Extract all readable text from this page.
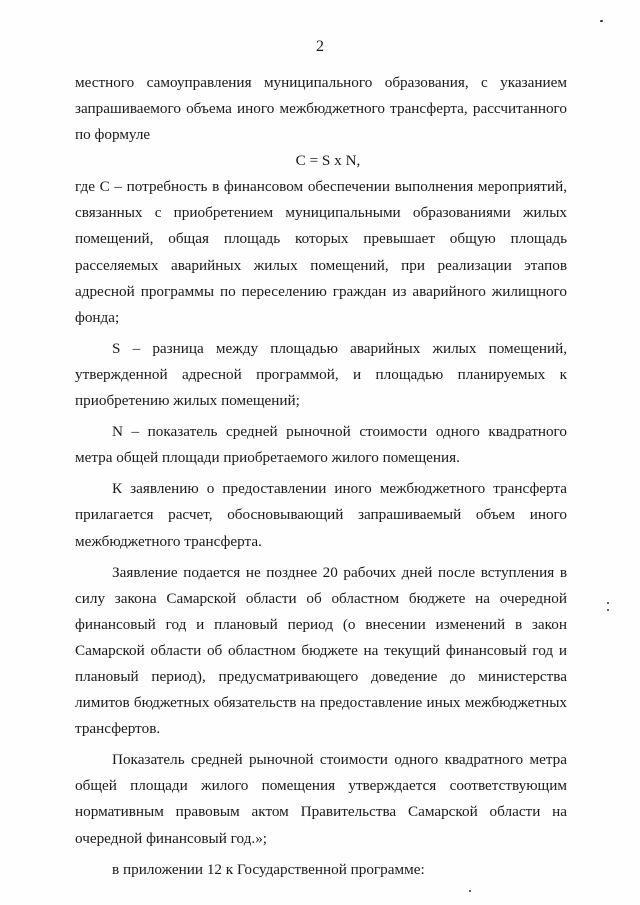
2

местного самоуправления муниципального образования, с указанием запрашиваемого объема иного межбюджетного трансферта, рассчитанного по формуле

C = S x N,

где С – потребность в финансовом обеспечении выполнения мероприятий, связанных с приобретением муниципальными образованиями жилых помещений, общая площадь которых превышает общую площадь расселяемых аварийных жилых помещений, при реализации этапов адресной программы по переселению граждан из аварийного жилищного фонда;

S – разница между площадью аварийных жилых помещений, утвержденной адресной программой, и площадью планируемых к приобретению жилых помещений;

N – показатель средней рыночной стоимости одного квадратного метра общей площади приобретаемого жилого помещения.

К заявлению о предоставлении иного межбюджетного трансферта прилагается расчет, обосновывающий запрашиваемый объем иного межбюджетного трансферта.

Заявление подается не позднее 20 рабочих дней после вступления в силу закона Самарской области об областном бюджете на очередной финансовый год и плановый период (о внесении изменений в закон Самарской области об областном бюджете на текущий финансовый год и плановый период), предусматривающего доведение до министерства лимитов бюджетных обязательств на предоставление иных межбюджетных трансфертов.

Показатель средней рыночной стоимости одного квадратного метра общей площади жилого помещения утверждается соответствующим нормативным правовым актом Правительства Самарской области на очередной финансовый год.»;

в приложении 12 к Государственной программе:
